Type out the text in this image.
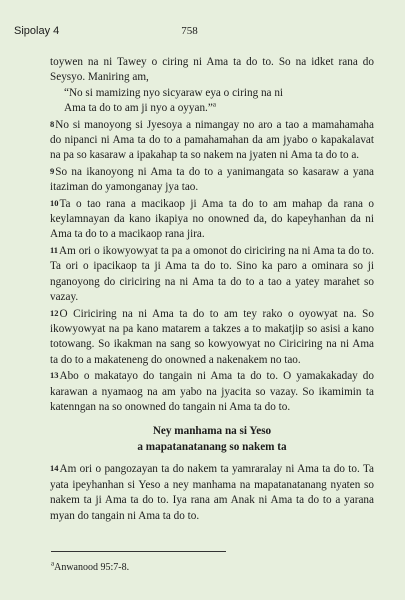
Sipolay 4	758

toywen na ni Tawey o ciring ni Ama ta do to. So na idket rana do Seysyo. Maniring am,

“No si mamizing nyo sicyaraw eya o ciring na ni

Ama ta do to am ji nyo a oyyan.”$^a$

8No si manoyong si Jyesoya a nimangay no aro a tao a mamahamaha do nipanci ni Ama ta do to a pamahamahan da am jyabo o kapakalavat na pa so kasaraw a ipakahap ta so nakem na jyaten ni Ama ta do to a.

9So na ikanoyong ni Ama ta do to a yanimangata so kasaraw a yana itaziman do yamonganay jya tao.

10Ta o tao rana a macikaop ji Ama ta do to am mahap da rana o keylamnayan da kano ikapiya no onowned da, do kapeyhanhan da ni Ama ta do to a macikaop rana jira.

11Am ori o ikowyowyat ta pa a omonot do ciriciring na ni Ama ta do to. Ta ori o ipacikaop ta ji Ama ta do to. Sino ka paro a ominara so ji nganoyong do ciriciring na ni Ama ta do to a tao a yatey marahet so vazay.

12O Ciriciring na ni Ama ta do to am tey rako o oyowyat na. So ikowyowyat na pa kano matarem a takzes a to makatjip so asisi a kano totowang. So ikakman na sang so kowyowyat no Ciriciring na ni Ama ta do to a makateneng do onowned a nakenakem no tao.

13Abo o makatayo do tangain ni Ama ta do to. O yamakakaday do karawan a nyamaog na am yabo na jyacita so vazay. So ikamimin ta katenngan na so onowned do tangain ni Ama ta do to.

Ney manhama na si Yeso
a mapatanatanang so nakem ta

14Am ori o pangozayan ta do nakem ta yamraralay ni Ama ta do to. Ta yata ipeyhanhan si Yeso a ney manhama na mapatanatanang nyaten so nakem ta ji Ama ta do to. Iya rana am Anak ni Ama ta do to a yarana myan do tangain ni Ama ta do to.

$^a$Anwanood 95:7-8.
